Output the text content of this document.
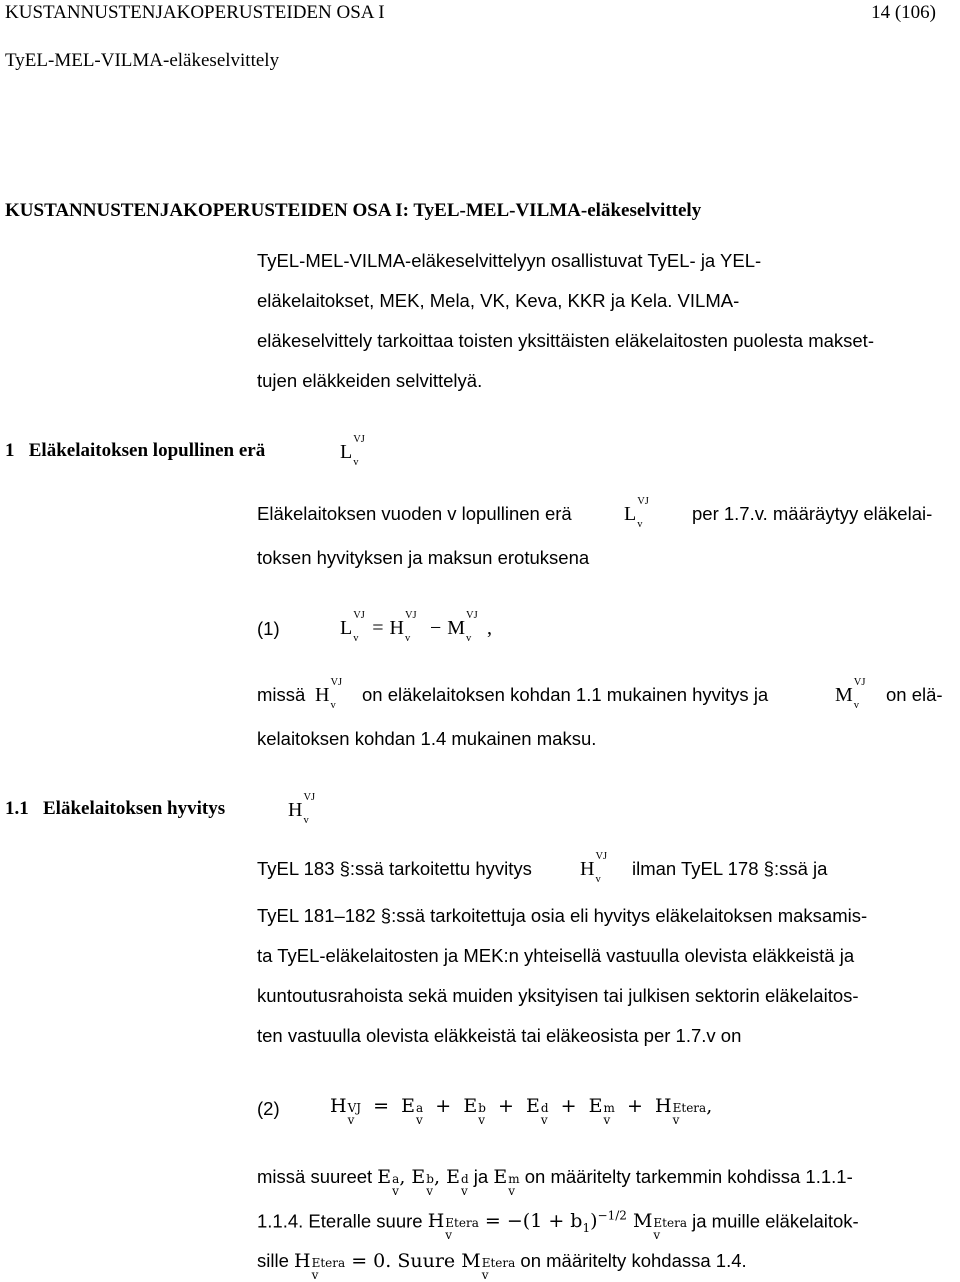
KUSTANNUSTENJAKOPERUSTEIDEN OSA I	14 (106)
TyEL-MEL-VILMA-eläkeselvittely
KUSTANNUSTENJAKOPERUSTEIDEN OSA I: TyEL-MEL-VILMA-eläkeselvittely
TyEL-MEL-VILMA-eläkeselvittelyyn osallistuvat TyEL- ja YEL-
eläkelaitokset, MEK, Mela, VK, Keva, KKR ja Kela. VILMA-
eläkeselvittely tarkoittaa toisten yksittäisten eläkelaitosten puolesta makset-
tujen eläkkeiden selvittelyä.
1 Eläkelaitoksen lopullinen erä	L
VJ
v
Eläkelaitoksen vuoden v lopullinen erä	L
VJ
v	per 1.7.v. määräytyy eläkelai-
toksen hyvityksen ja maksun erotuksena
(1)	L
VJ
v = H
VJ
v − M
VJ
v ,
missä H
VJ
v on eläkelaitoksen kohdan 1.1 mukainen hyvitys ja	M
VJ
v on elä-
kelaitoksen kohdan 1.4 mukainen maksu.
1.1 Eläkelaitoksen hyvitys	H
VJ
v
TyEL 183 §:ssä tarkoitettu hyvitys H
VJ
v ilman TyEL 178 §:ssä ja
TyEL 181–182 §:ssä tarkoitettuja osia eli hyvitys eläkelaitoksen maksamis-
ta TyEL-eläkelaitosten ja MEK:n yhteisellä vastuulla olevista eläkkeistä ja
kuntoutusrahoista sekä muiden yksityisen tai julkisen sektorin eläkelaitos-
ten vastuulla olevista eläkkeistä tai eläkeosista per 1.7.v on
(2)	H VJ
v
= E a
v
+ E b
v
+ E d
v
+ E m
v
+ H Etera
v
,
missä suureet E a
v
, E b
v
, E d
v
ja E m
v
on määritelty tarkemmin kohdissa 1.1.1-
1.1.4. Eteralle suure H Etera
v
= $-(1 + b_1)^{-1/2}$ M Etera
v
ja muille eläkelaitok-
sille H Etera
v
= 0. Suure M Etera
v
on määritelty kohdassa 1.4.
